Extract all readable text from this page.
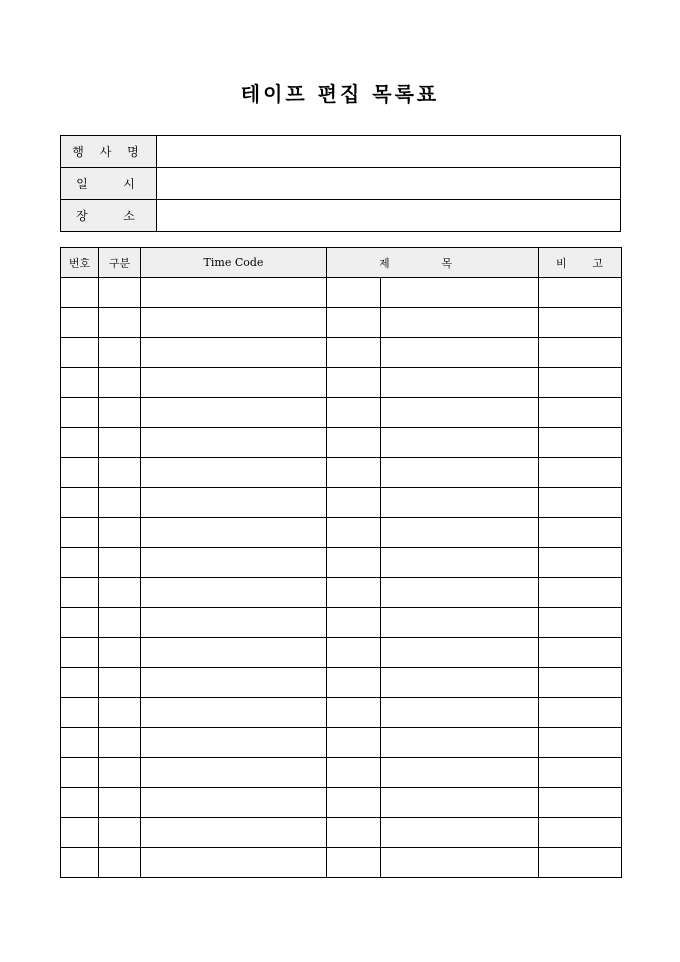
테이프 편집 목록표
행 사 명	
일   시	
장   소	
번호	구분	Time Code	제 목		비 고
